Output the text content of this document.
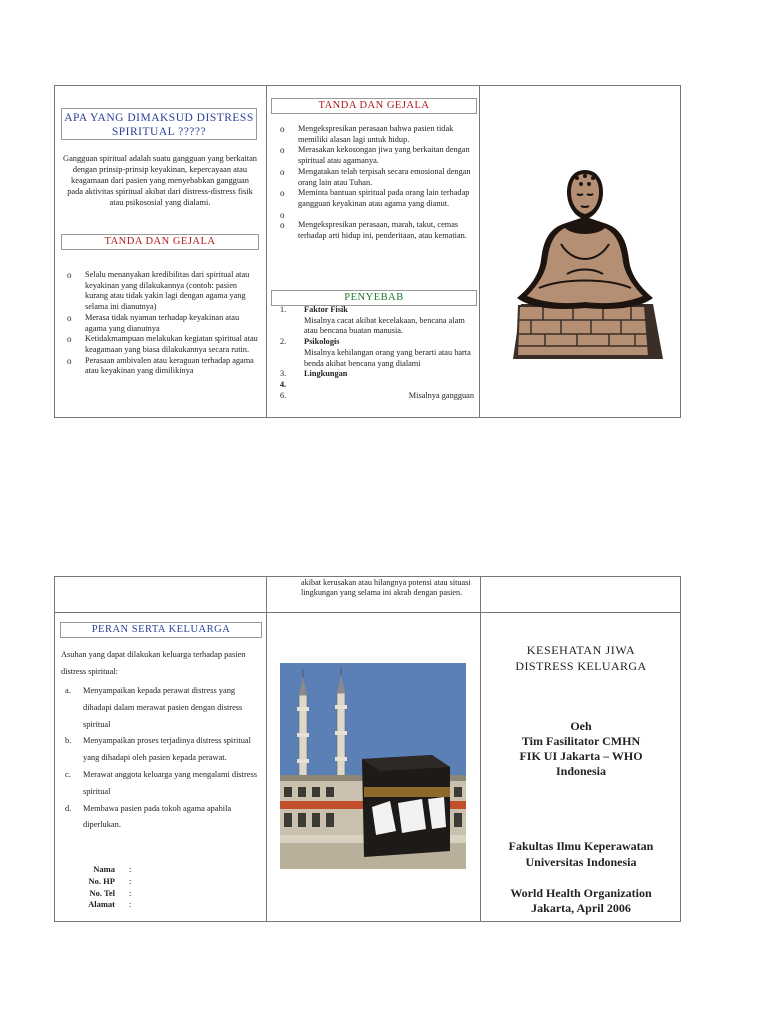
APA YANG DIMAKSUD DISTRESS SPIRITUAL ?????
Gangguan spiritual adalah suatu gangguan yang berkaitan dengan prinsip-prinsip keyakinan, kepercayaan atau keagamaan dari pasien yang menyebabkan gangguan pada aktivitas spiritual akibat dari distress-distress fisik atau psikososial yang dialami.
TANDA DAN GEJALA
o Selalu menanyakan kredibilitas dari spiritual atau keyakinan yang dilakukannya (contoh: pasien kurang atau tidak yakin lagi dengan agama yang selama ini dianutnya)
o Merasa tidak nyaman terhadap keyakinan atau agama yang dianutnya
o Ketidakmampuan melakukan kegiatan spiritual atau keagamaan yang biasa dilakukannya secara rutin.
o Perasaan ambivalen atau keraguan terhadap agama atau keyakinan yang dimilikinya
TANDA DAN GEJALA
o Mengekspresikan perasaan bahwa pasien tidak memiliki alasan lagi untuk hidup.
o Merasakan kekosongan jiwa yang berkaitan dengan spiritual atau agamanya.
o Mengatakan telah terpisah secara emosional dengan orang lain atau Tuhan.
o Meminta bantuan spiritual pada orang lain terhadap gangguan keyakinan atau agama yang dianut.
o
o Mengekspresikan perasaan, marah, takut, cemas terhadap arti hidup ini, penderitaan, atau kematian.
PENYEBAB
1. Faktor Fisik
Misalnya cacat akibat kecelakaan, bencana alam atau bencana buatan manusia.
2. Psikologis
Misalnya kehilangan orang yang berarti atau harta benda akibat bencana yang dialami
3. Lingkungan
4.
6.	Misalnya gangguan
akibat kerusakan atau hilangnya potensi atau situasi lingkungan yang selama ini akrab dengan pasien.
PERAN SERTA KELUARGA
Asuhan yang dapat dilakukan keluarga terhadap pasien distress spiritual:
a. Menyampaikan kepada perawat distress yang dihadapi dalam merawat pasien dengan distress spiritual
b. Menyampaikan proses terjadinya distress spiritual yang dihadapi oleh pasien kepada perawat.
c. Merawat anggota keluarga yang mengalami distress spiritual
d. Membawa pasien pada tokoh agama apabila diperlukan.
Nama :
No. HP :
No. Tel :
Alamat :
KESEHATAN JIWA
DISTRESS KELUARGA
Oeh
Tim Fasilitator CMHN
FIK UI Jakarta – WHO
Indonesia
Fakultas Ilmu Keperawatan
Universitas Indonesia
World Health Organization
Jakarta, April 2006
